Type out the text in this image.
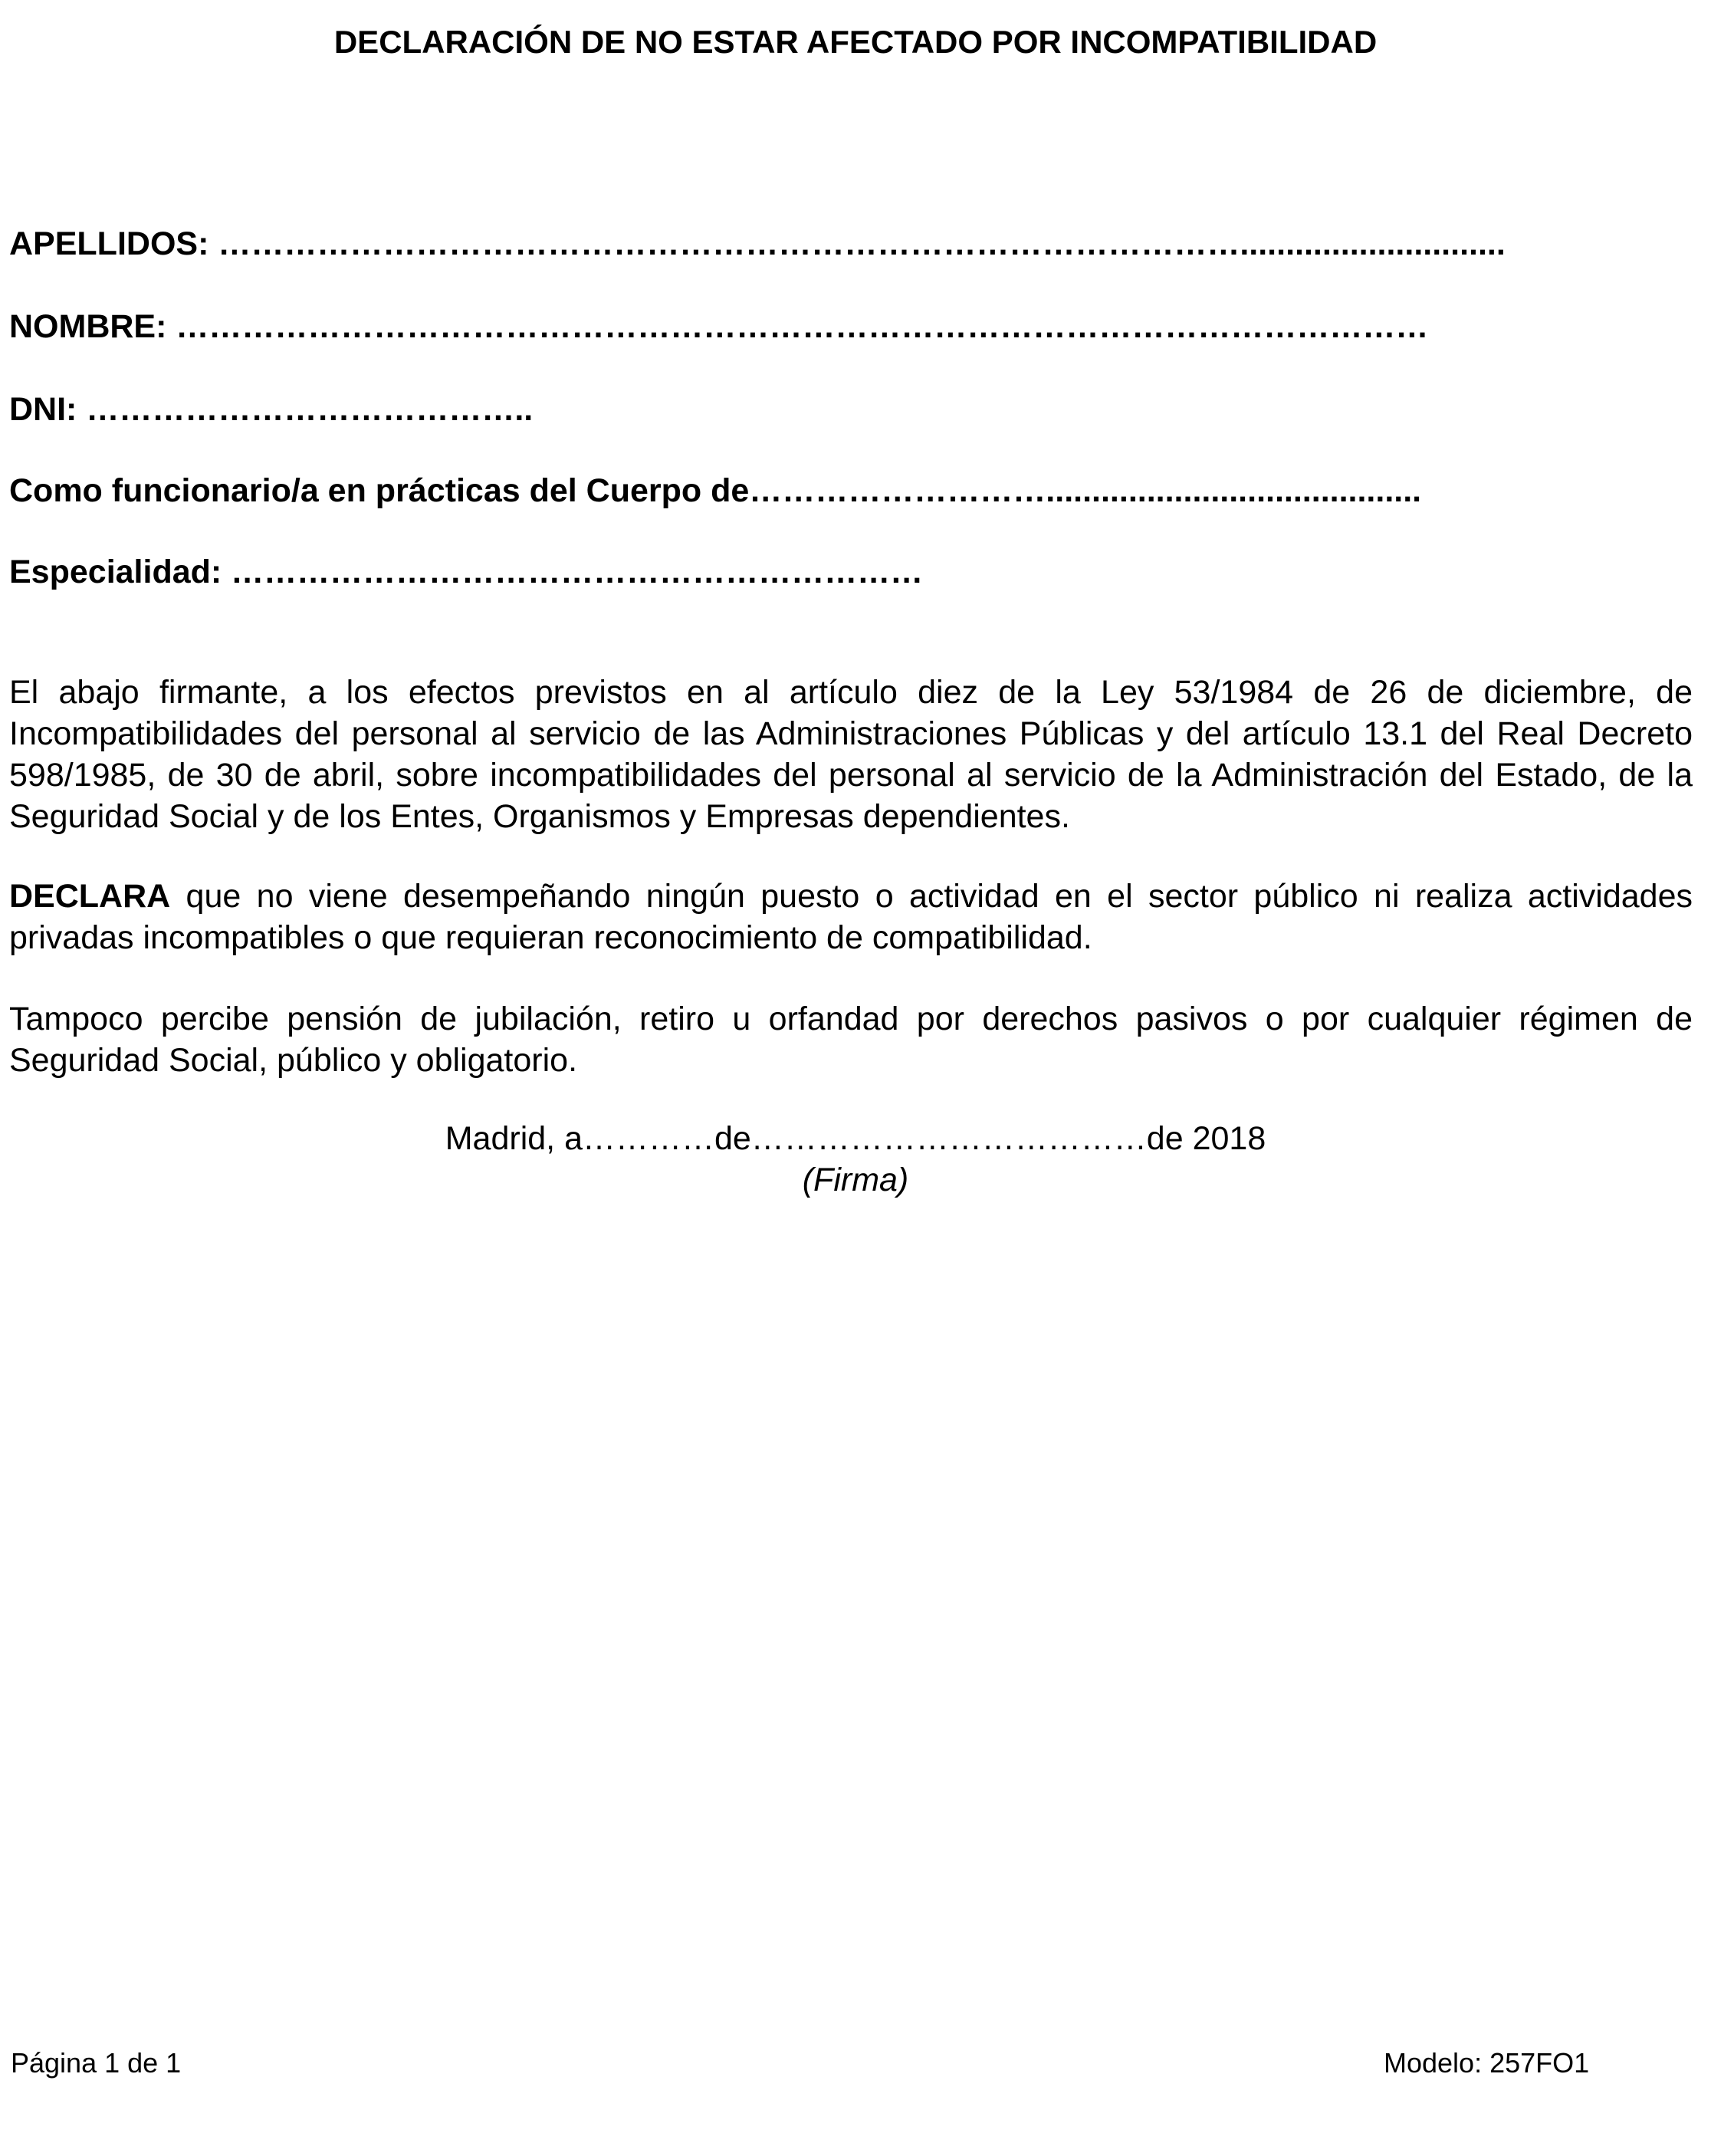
DECLARACIÓN DE NO ESTAR AFECTADO POR INCOMPATIBILIDAD
APELLIDOS: ………………………………………………………………………………….............................
NOMBRE: ……………………………………………………………………………………………………
DNI: …………………………………..
Como funcionario/a en prácticas del Cuerpo de……………………….........................................
Especialidad: ………………………………………………………
El abajo firmante, a los efectos previstos en al artículo diez de la Ley 53/1984 de 26 de diciembre, de Incompatibilidades del personal al servicio de las Administraciones Públicas y del artículo 13.1 del Real Decreto 598/1985, de 30 de abril, sobre incompatibilidades del personal al servicio de la Administración del Estado, de la Seguridad Social y de los Entes, Organismos y Empresas dependientes.
DECLARA que no viene desempeñando ningún puesto o actividad en el sector público ni realiza actividades privadas incompatibles o que requieran reconocimiento de compatibilidad.
Tampoco percibe pensión de jubilación, retiro u orfandad por derechos pasivos o por cualquier régimen de Seguridad Social, público y obligatorio.
Madrid, a…………de………………………………de 2018
(Firma)
Página 1 de 1	Modelo: 257FO1
